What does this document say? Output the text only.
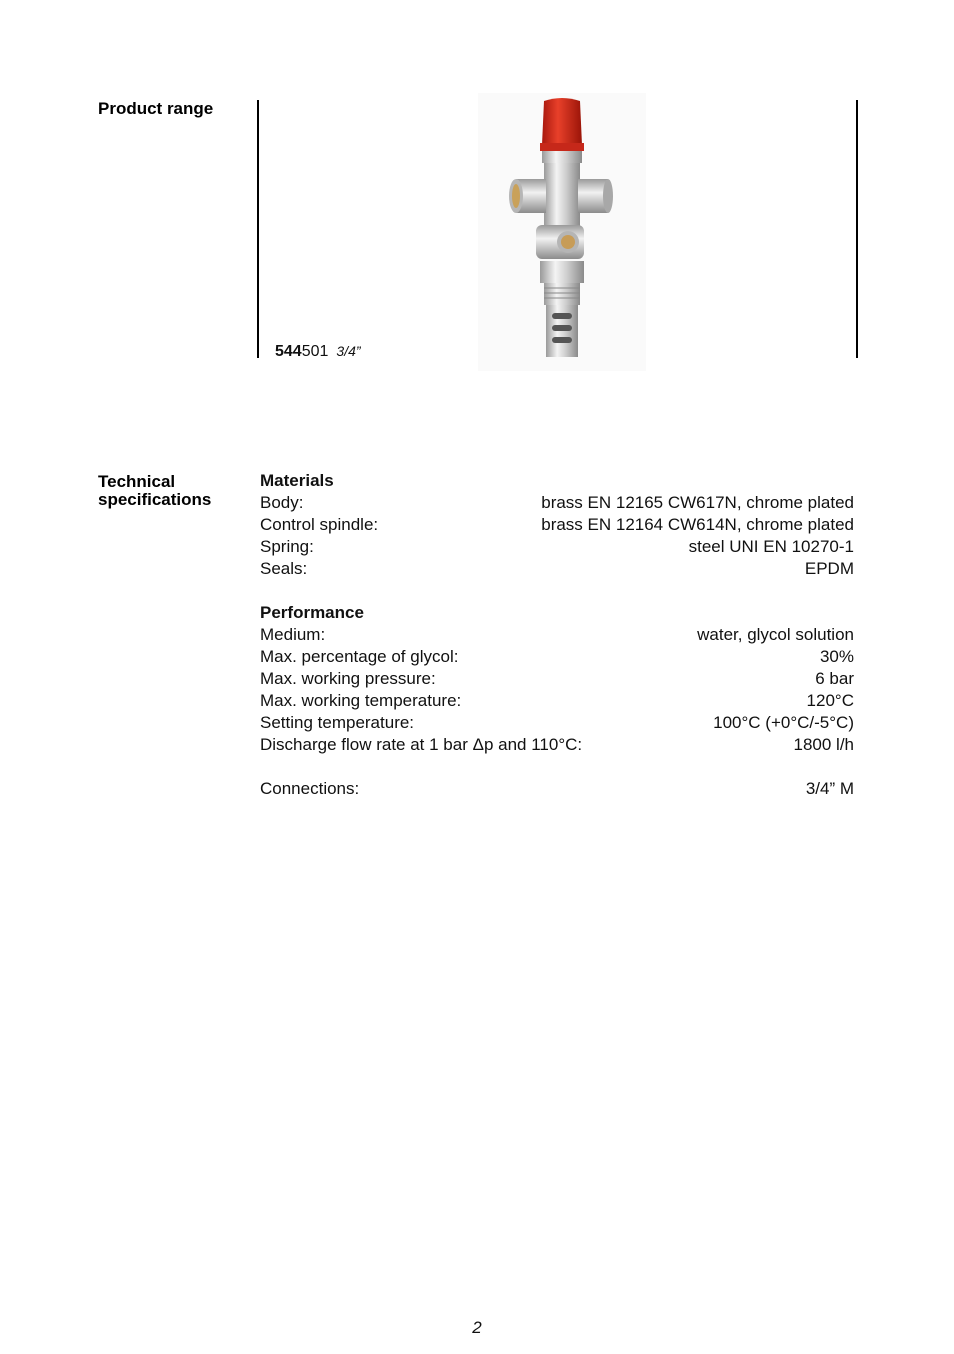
Product range
544501 3/4”
Technical
specifications
Materials
Body:	brass EN 12165 CW617N, chrome plated
Control spindle:	brass EN 12164 CW614N, chrome plated
Spring:	steel UNI EN 10270-1
Seals:	EPDM
Performance
Medium:	water, glycol solution
Max. percentage of glycol:	30%
Max. working pressure:	6 bar
Max. working temperature:	120°C
Setting temperature:	100°C (+0°C/-5°C)
Discharge flow rate at 1 bar Δp and 110°C:	1800 l/h
Connections:	3/4” M
2
